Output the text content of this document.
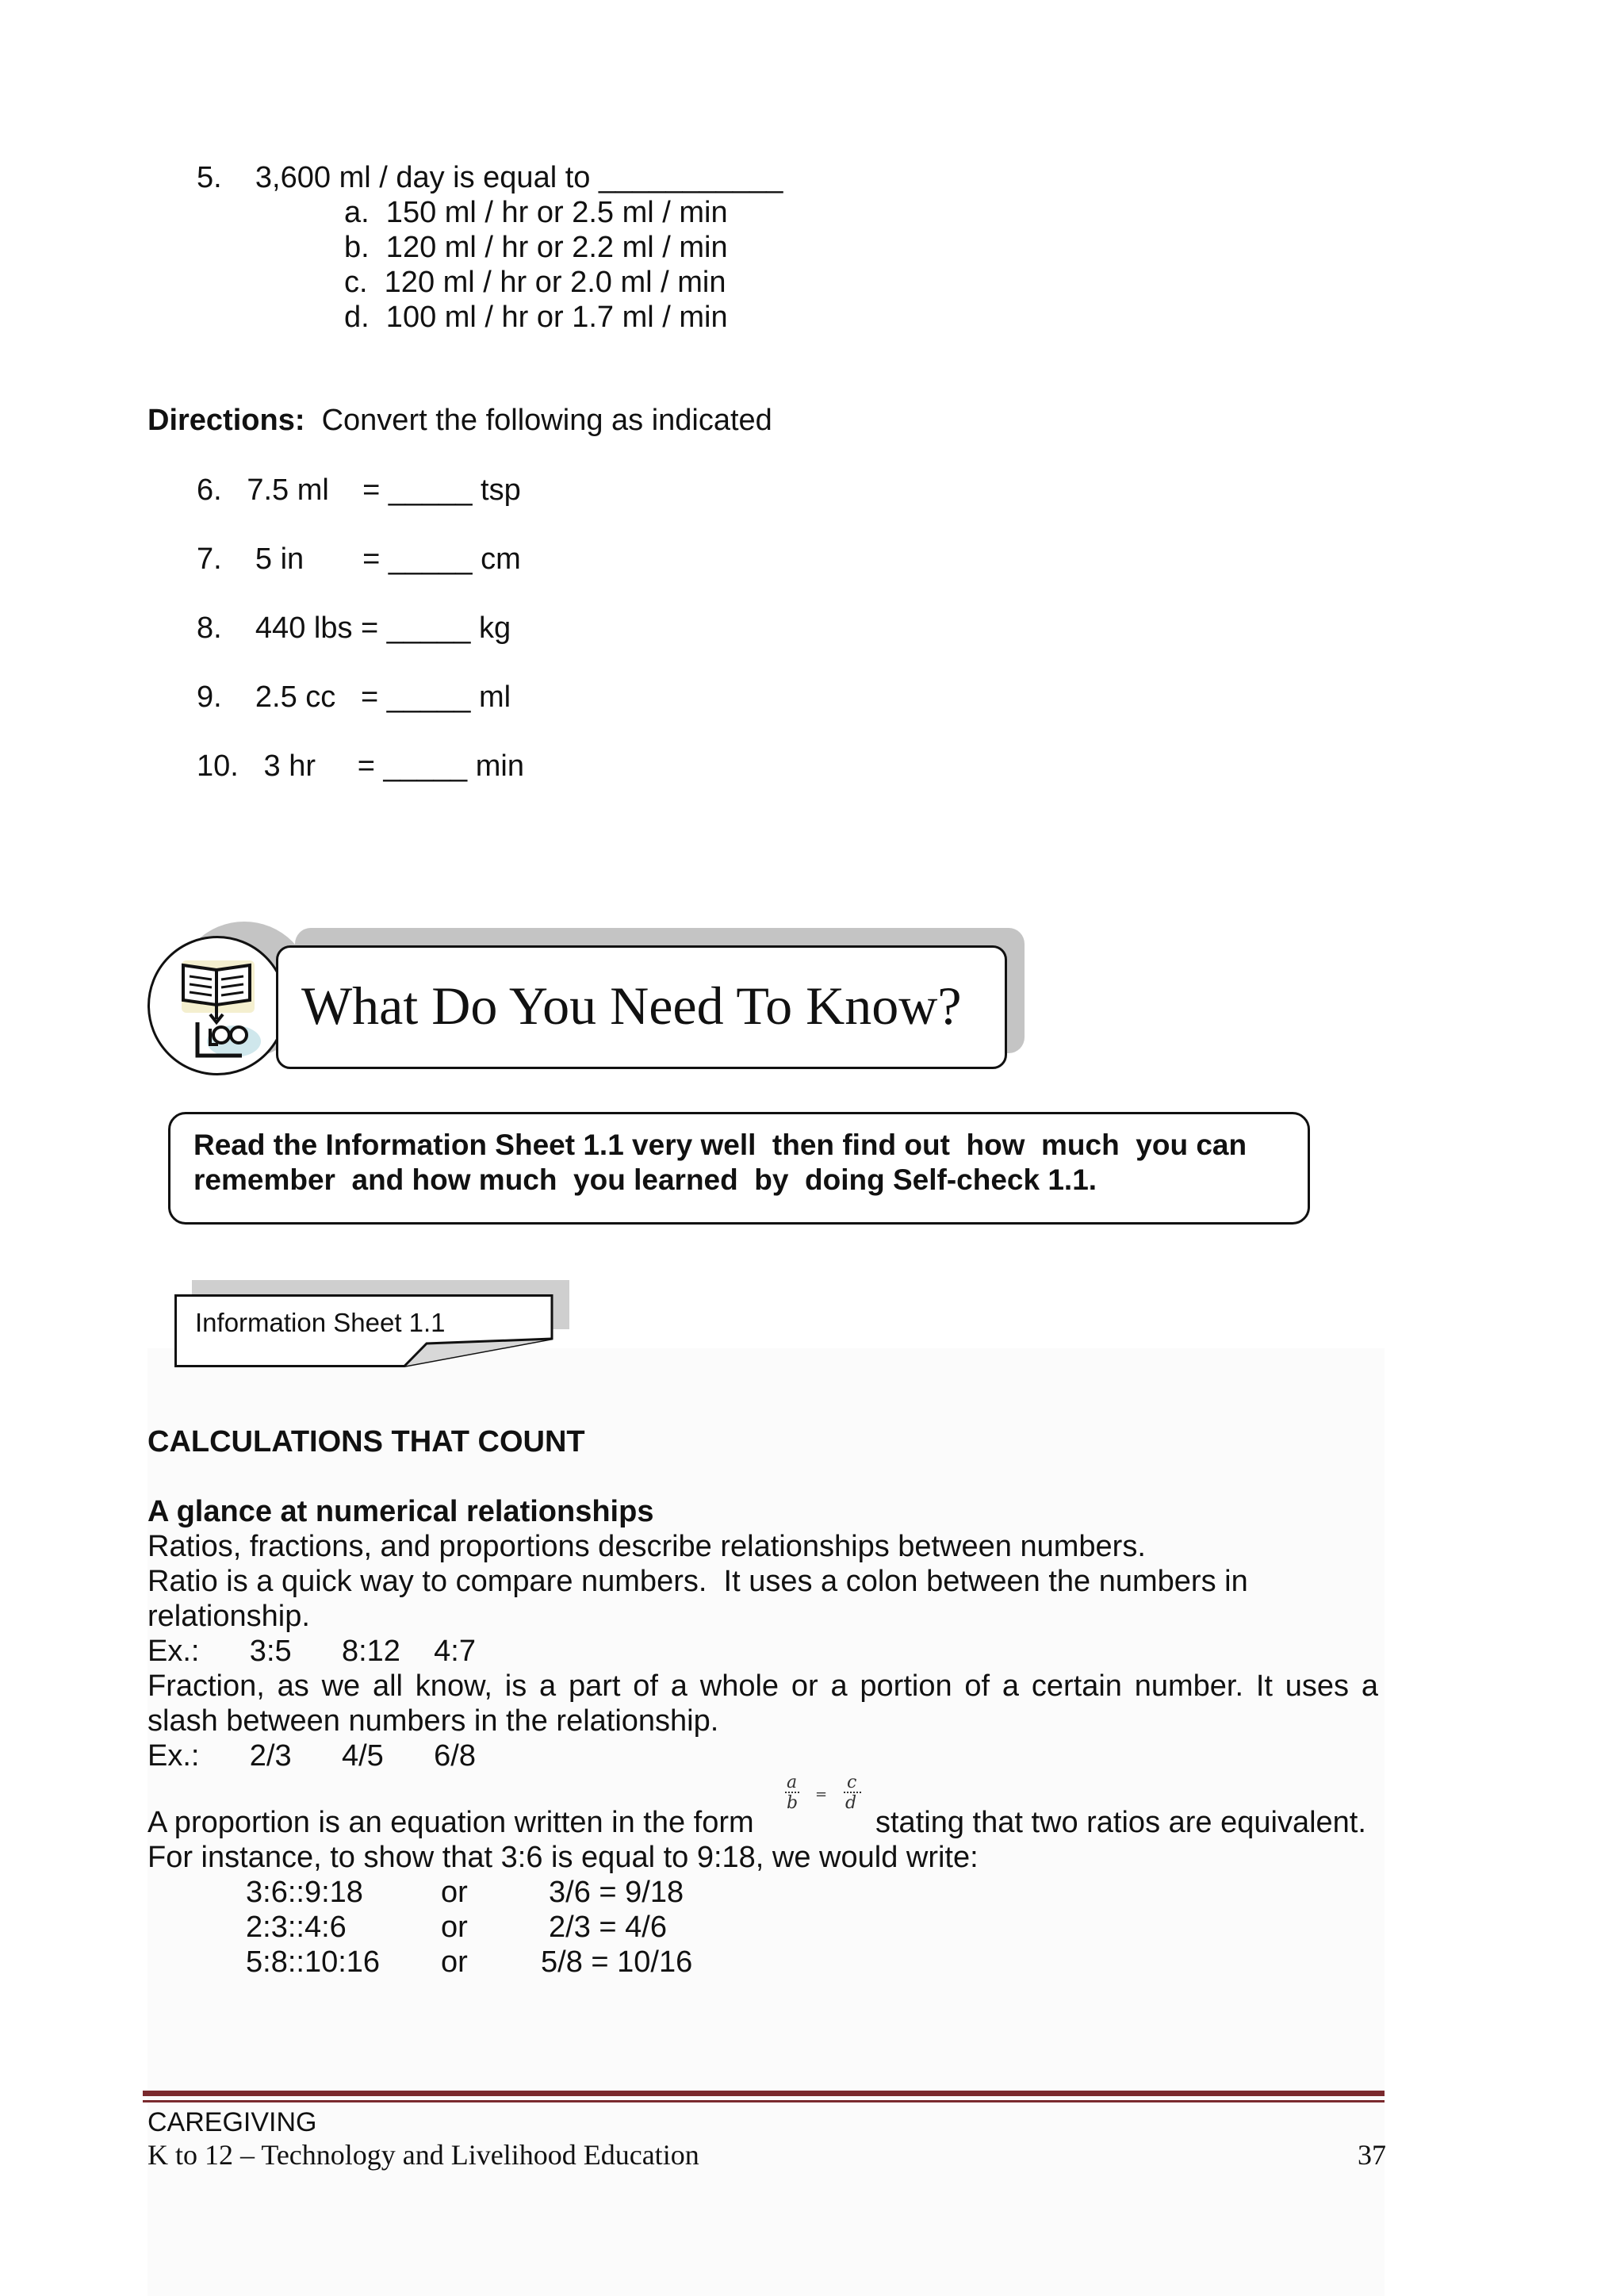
5.    3,600 ml / day is equal to ___________
a.  150 ml / hr or 2.5 ml / min
b.  120 ml / hr or 2.2 ml / min
c.  120 ml / hr or 2.0 ml / min
d.  100 ml / hr or 1.7 ml / min
Directions:  Convert the following as indicated
6.   7.5 ml    = _____ tsp
7.    5 in       = _____ cm
8.    440 lbs = _____ kg
9.    2.5 cc   = _____ ml
10.   3 hr     = _____ min
What Do You Need To Know?
Read the Information Sheet 1.1 very well  then find out  how  much  you can
remember  and how much  you learned  by  doing Self-check 1.1.
Information Sheet 1.1
CALCULATIONS THAT COUNT
A glance at numerical relationships
Ratios, fractions, and proportions describe relationships between numbers.
Ratio is a quick way to compare numbers.  It uses a colon between the numbers in
relationship.
Ex.:      3:5      8:12    4:7
Fraction, as we all know, is a part of a whole or a portion of a certain number. It uses a
slash between numbers in the relationship.
Ex.:      2/3      4/5      6/8
A proportion is an equation written in the form
a
b =
c
d
stating that two ratios are equivalent.
For instance, to show that 3:6 is equal to 9:18, we would write:
3:6::9:18	or	3/6 = 9/18
2:3::4:6	or	2/3 = 4/6
5:8::10:16 or 5/8 = 10/16
CAREGIVING
K to 12 – Technology and Livelihood Education	37
